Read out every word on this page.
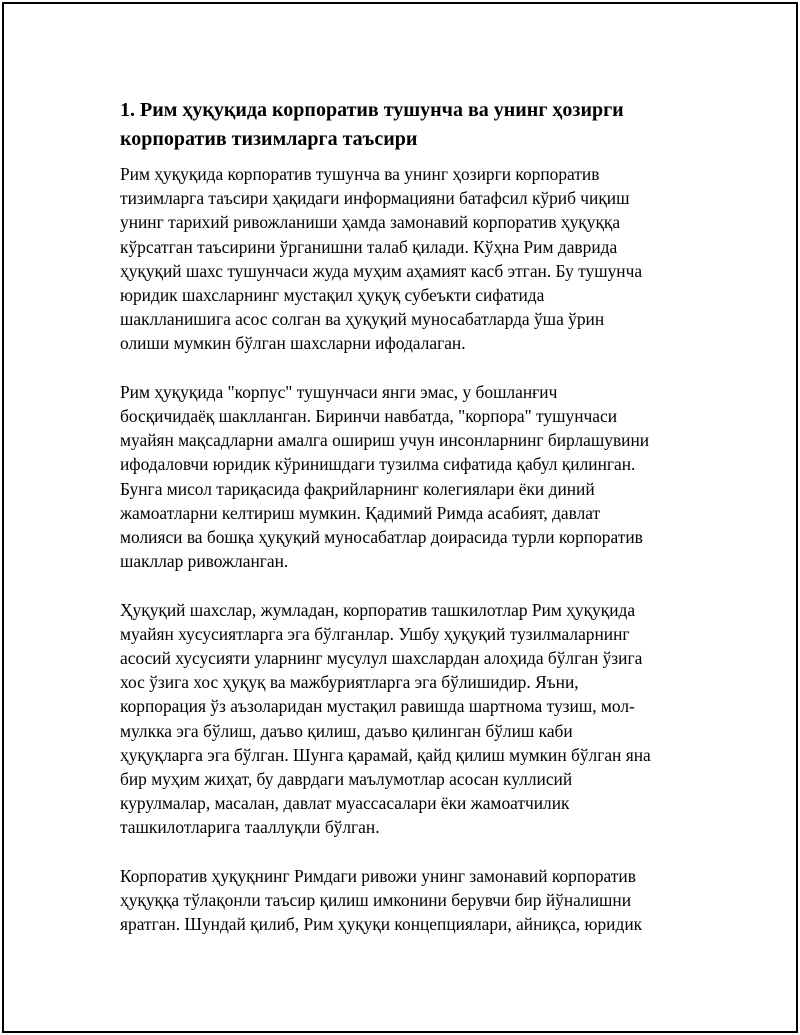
1. Рим ҳуқуқида корпоратив тушунча ва унинг ҳозирги корпоратив тизимларга таъсири

Рим ҳуқуқида корпоратив тушунча ва унинг ҳозирги корпоратив
тизимларга таъсири ҳақидаги информацияни батафсил кўриб чиқиш
унинг тарихий ривожланиши ҳамда замонавий корпоратив ҳуқуққа
кўрсатган таъсирини ўрганишни талаб қилади. Кўҳна Рим даврида
ҳуқуқий шахс тушунчаси жуда муҳим аҳамият касб этган. Бу тушунча
юридик шахсларнинг мустақил ҳуқуқ субеъкти сифатида
шаклланишига асос солган ва ҳуқуқий муносабатларда ўша ўрин
олиши мумкин бўлган шахсларни ифодалаган.

Рим ҳуқуқида "корпус" тушунчаси янги эмас, у бошланғич
босқичидаёқ шаклланган. Биринчи навбатда, "корпора" тушунчаси
муайян мақсадларни амалга ошириш учун инсонларнинг бирлашувини
ифодаловчи юридик кўринишдаги тузилма сифатида қабул қилинган.
Бунга мисол тариқасида фақрийларнинг колегиялари ёки диний
жамоатларни келтириш мумкин. Қадимий Римда асабият, давлат
молияси ва бошқа ҳуқуқий муносабатлар доирасида турли корпоратив
шакллар ривожланган.

Ҳуқуқий шахслар, жумладан, корпоратив ташкилотлар Рим ҳуқуқида
муайян хусусиятларга эга бўлганлар. Ушбу ҳуқуқий тузилмаларнинг
асосий хусусияти уларнинг мусулул шахслардан алоҳида бўлган ўзига
хос ўзига хос ҳуқуқ ва мажбуриятларга эга бўлишидир. Яъни,
корпорация ўз аъзоларидан мустақил равишда шартнома тузиш, мол-
мулкка эга бўлиш, даъво қилиш, даъво қилинган бўлиш каби
ҳуқуқларга эга бўлган. Шунга қарамай, қайд қилиш мумкин бўлган яна
бир муҳим жиҳат, бу даврдаги маълумотлар асосан куллисий
курулмалар, масалан, давлат муассасалари ёки жамоатчилик
ташкилотларига тааллуқли бўлган.

Корпоратив ҳуқуқнинг Римдаги ривожи унинг замонавий корпоратив
ҳуқуққа тўлақонли таъсир қилиш имконини берувчи бир йўналишни
яратган. Шундай қилиб, Рим ҳуқуқи концепциялари, айниқса, юридик
